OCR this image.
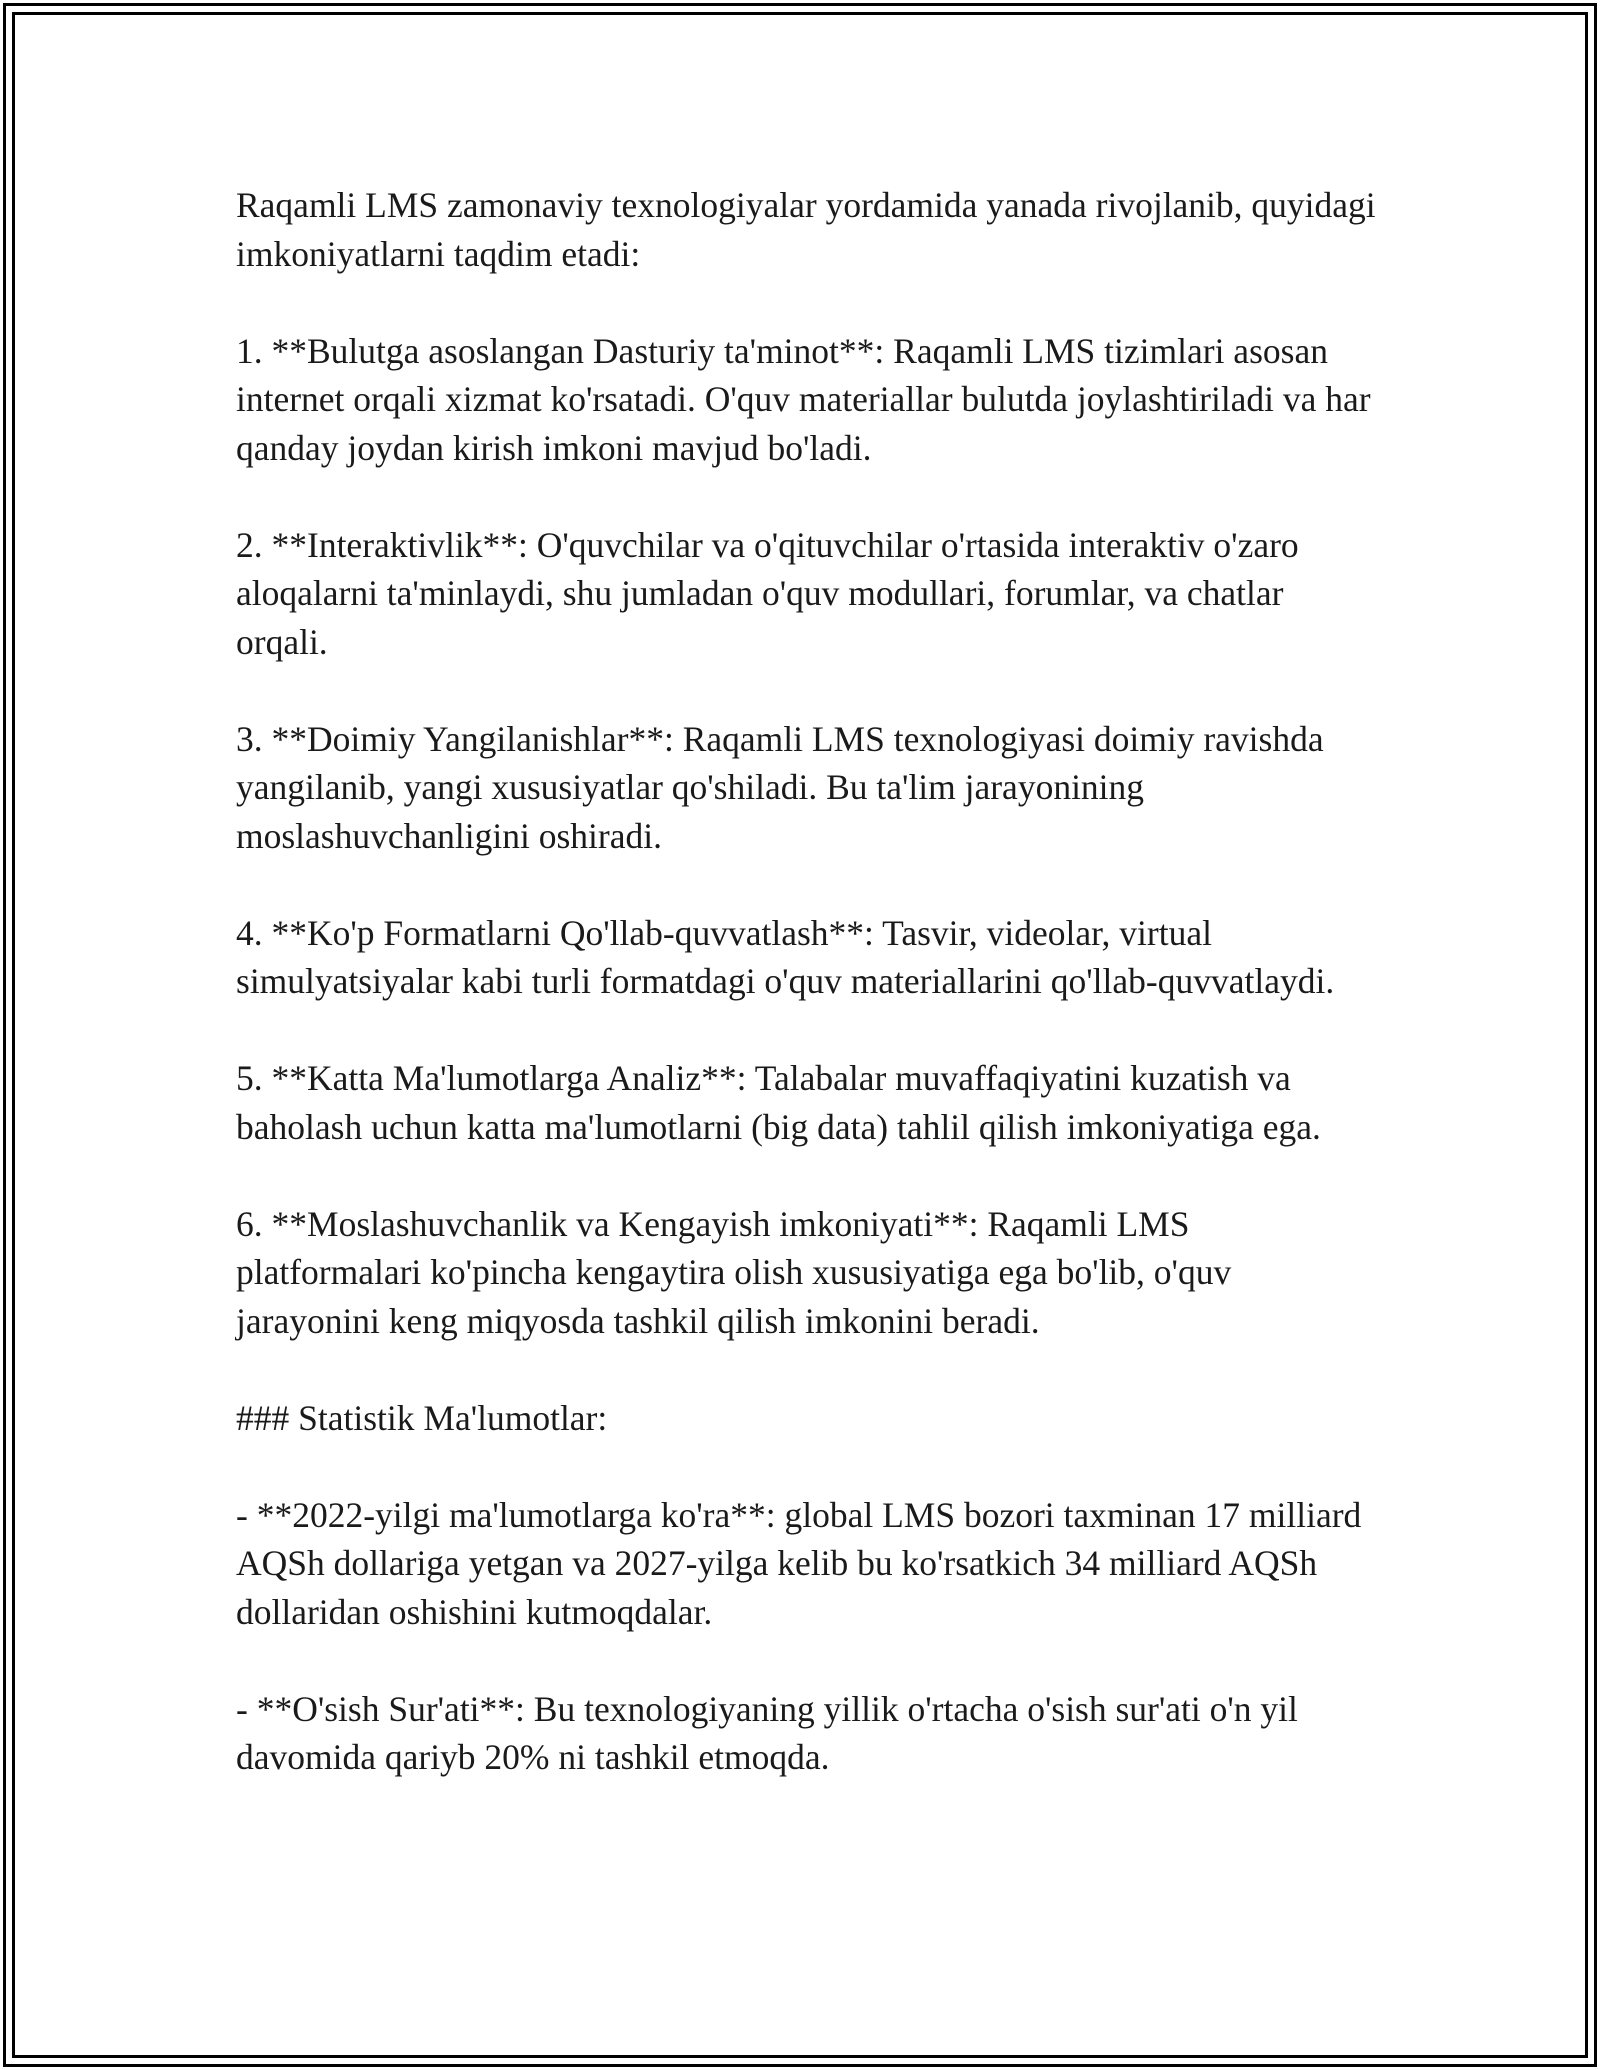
Raqamli LMS zamonaviy texnologiyalar yordamida yanada rivojlanib, quyidagi imkoniyatlarni taqdim etadi:

1. **Bulutga asoslangan Dasturiy ta'minot**: Raqamli LMS tizimlari asosan internet orqali xizmat ko'rsatadi. O'quv materiallar bulutda joylashtiriladi va har qanday joydan kirish imkoni mavjud bo'ladi.

2. **Interaktivlik**: O'quvchilar va o'qituvchilar o'rtasida interaktiv o'zaro aloqalarni ta'minlaydi, shu jumladan o'quv modullari, forumlar, va chatlar orqali.

3. **Doimiy Yangilanishlar**: Raqamli LMS texnologiyasi doimiy ravishda yangilanib, yangi xususiyatlar qo'shiladi. Bu ta'lim jarayonining moslashuvchanligini oshiradi.

4. **Ko'p Formatlarni Qo'llab-quvvatlash**: Tasvir, videolar, virtual simulyatsiyalar kabi turli formatdagi o'quv materiallarini qo'llab-quvvatlaydi.

5. **Katta Ma'lumotlarga Analiz**: Talabalar muvaffaqiyatini kuzatish va baholash uchun katta ma'lumotlarni (big data) tahlil qilish imkoniyatiga ega.

6. **Moslashuvchanlik va Kengayish imkoniyati**: Raqamli LMS platformalari ko'pincha kengaytira olish xususiyatiga ega bo'lib, o'quv jarayonini keng miqyosda tashkil qilish imkonini beradi.

### Statistik Ma'lumotlar:

- **2022-yilgi ma'lumotlarga ko'ra**: global LMS bozori taxminan 17 milliard AQSh dollariga yetgan va 2027-yilga kelib bu ko'rsatkich 34 milliard AQSh dollaridan oshishini kutmoqdalar.

- **O'sish Sur'ati**: Bu texnologiyaning yillik o'rtacha o'sish sur'ati o'n yil davomida qariyb 20% ni tashkil etmoqda.
